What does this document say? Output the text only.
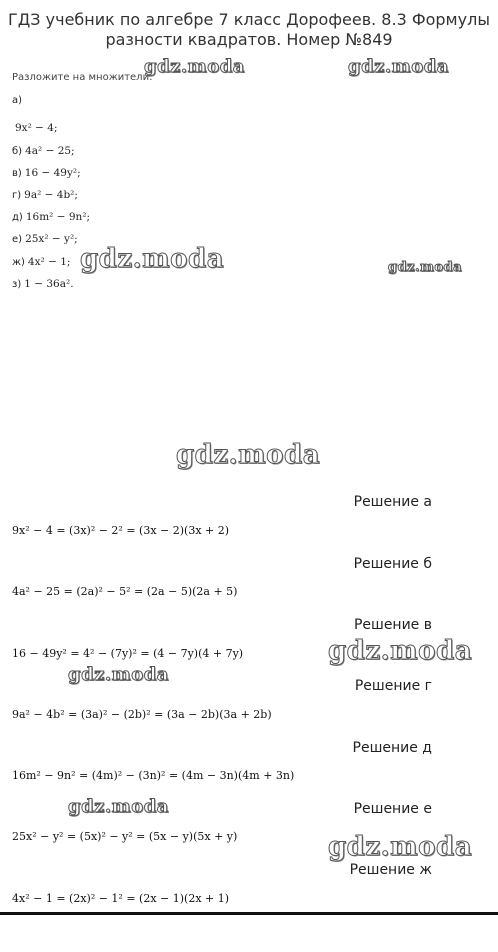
ГДЗ учебник по алгебре 7 класс Дорофеев. 8.3 Формулы
разности квадратов. Номер №849
Разложите на множители:
а)
9x² − 4;
б) 4a² − 25;
в) 16 − 49y²;
г) 9a² − 4b²;
д) 16m² − 9n²;
е) 25x² − y²;
ж) 4x² − 1;
з) 1 − 36a².
Решение а
9x² − 4 = (3x)² − 2² = (3x − 2)(3x + 2)
Решение б
4a² − 25 = (2a)² − 5² = (2a − 5)(2a + 5)
Решение в
16 − 49y² = 4² − (7y)² = (4 − 7y)(4 + 7y)
Решение г
9a² − 4b² = (3a)² − (2b)² = (3a − 2b)(3a + 2b)
Решение д
16m² − 9n² = (4m)² − (3n)² = (4m − 3n)(4m + 3n)
Решение е
25x² − y² = (5x)² − y² = (5x − y)(5x + y)
Решение ж
4x² − 1 = (2x)² − 1² = (2x − 1)(2x + 1)
gdz.moda	gdz.moda
gdz.moda	gdz.moda
gdz.moda
gdz.moda
gdz.moda
gdz.moda
gdz.moda
